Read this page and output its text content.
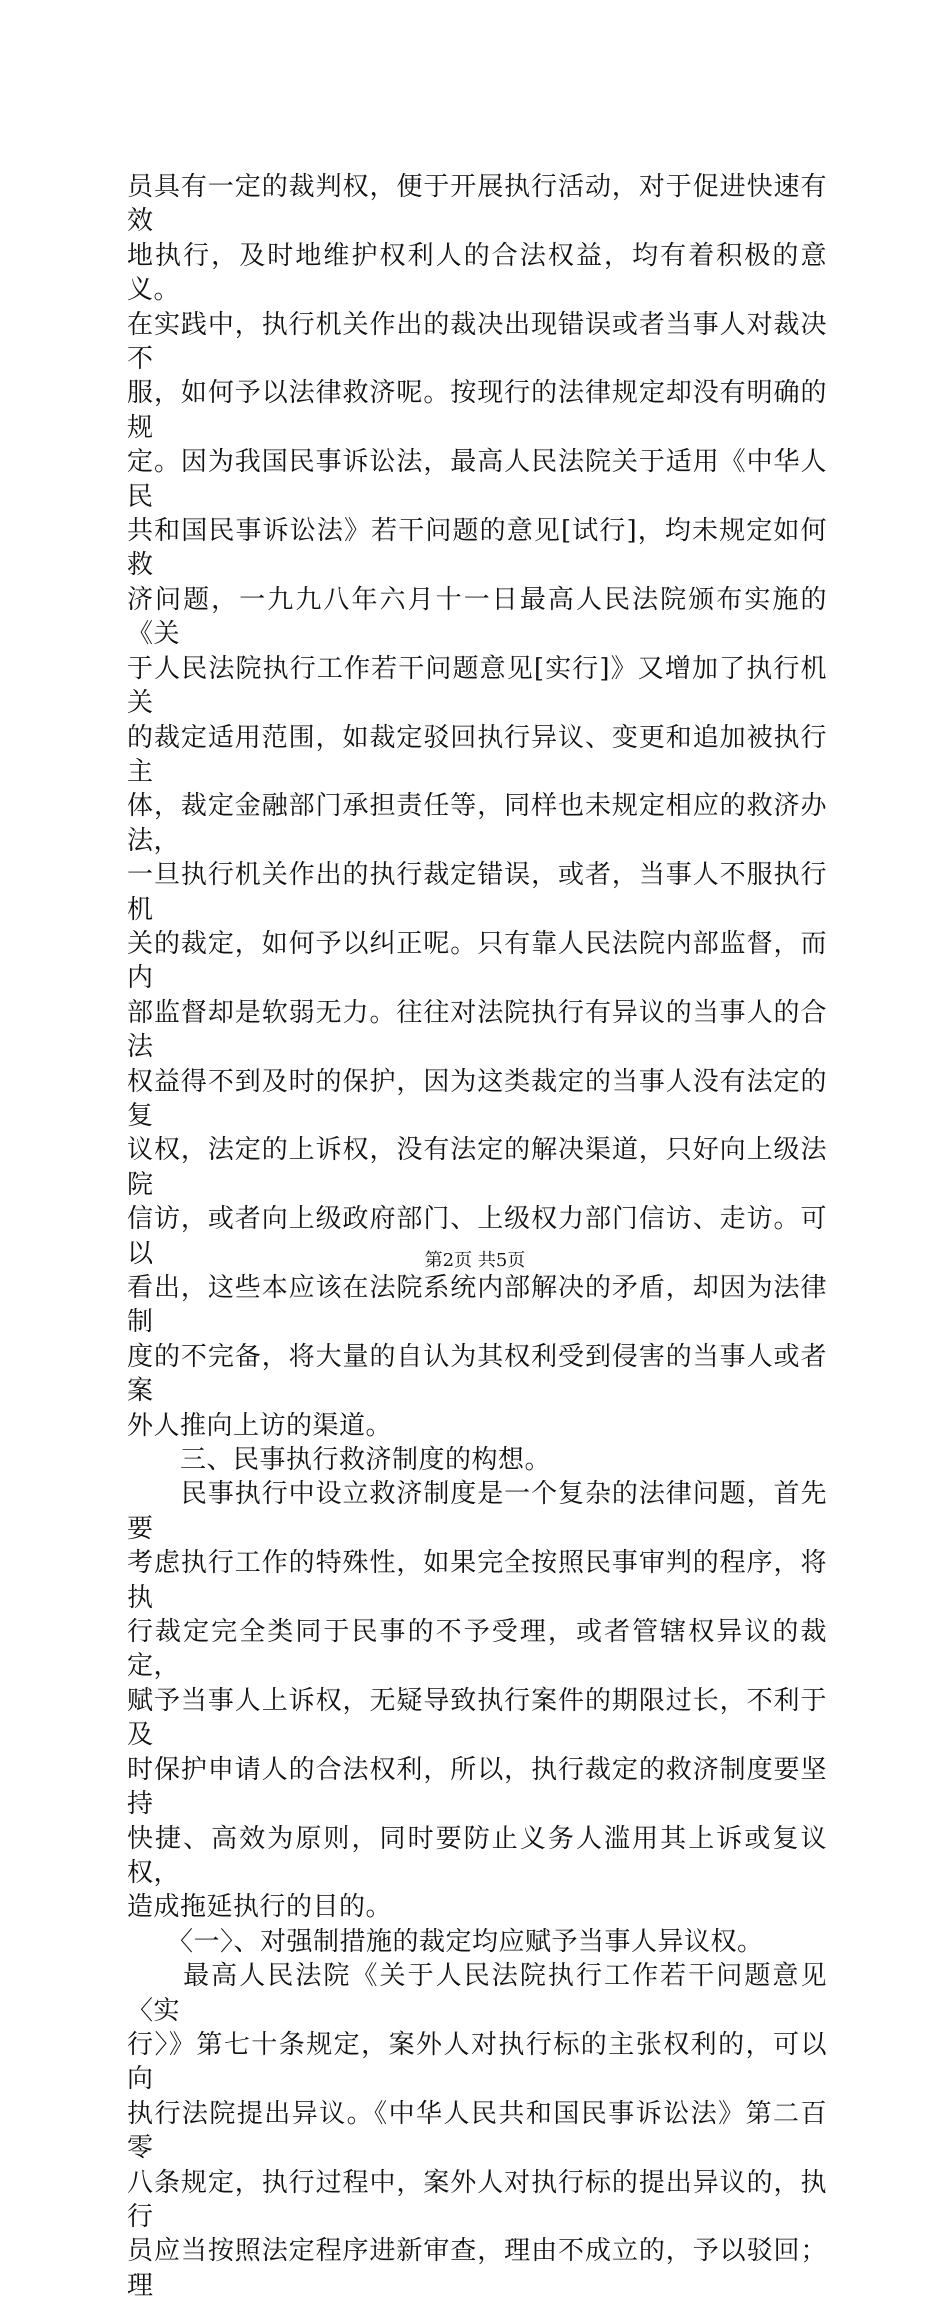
员具有一定的裁判权，便于开展执行活动，对于促进快速有效

地执行，及时地维护权利人的合法权益，均有着积极的意义。

在实践中，执行机关作出的裁决出现错误或者当事人对裁决不

服，如何予以法律救济呢。按现行的法律规定却没有明确的规

定。因为我国民事诉讼法，最高人民法院关于适用《中华人民

共和国民事诉讼法》若干问题的意见[试行]，均未规定如何救

济问题，一九九八年六月十一日最高人民法院颁布实施的《关

于人民法院执行工作若干问题意见[实行]》又增加了执行机关

的裁定适用范围，如裁定驳回执行异议、变更和追加被执行主

体，裁定金融部门承担责任等，同样也未规定相应的救济办法，

一旦执行机关作出的执行裁定错误，或者，当事人不服执行机

关的裁定，如何予以纠正呢。只有靠人民法院内部监督，而内

部监督却是软弱无力。往往对法院执行有异议的当事人的合法

权益得不到及时的保护，因为这类裁定的当事人没有法定的复

议权，法定的上诉权，没有法定的解决渠道，只好向上级法院

信访，或者向上级政府部门、上级权力部门信访、走访。可以

看出，这些本应该在法院系统内部解决的矛盾，却因为法律制

度的不完备，将大量的自认为其权利受到侵害的当事人或者案

外人推向上访的渠道。

　　三、民事执行救济制度的构想。

　　民事执行中设立救济制度是一个复杂的法律问题，首先要

考虑执行工作的特殊性，如果完全按照民事审判的程序，将执

行裁定完全类同于民事的不予受理，或者管辖权异议的裁定，

赋予当事人上诉权，无疑导致执行案件的期限过长，不利于及

时保护申请人的合法权利，所以，执行裁定的救济制度要坚持

快捷、高效为原则，同时要防止义务人滥用其上诉或复议权，

造成拖延执行的目的。

　　〈一〉、对强制措施的裁定均应赋予当事人异议权。

　　最高人民法院《关于人民法院执行工作若干问题意见〈实

行〉》第七十条规定，案外人对执行标的主张权利的，可以向

执行法院提出异议。《中华人民共和国民事诉讼法》第二百零

八条规定，执行过程中，案外人对执行标的提出异议的，执行

员应当按照法定程序进新审查，理由不成立的，予以驳回；理

第2页 共5页
